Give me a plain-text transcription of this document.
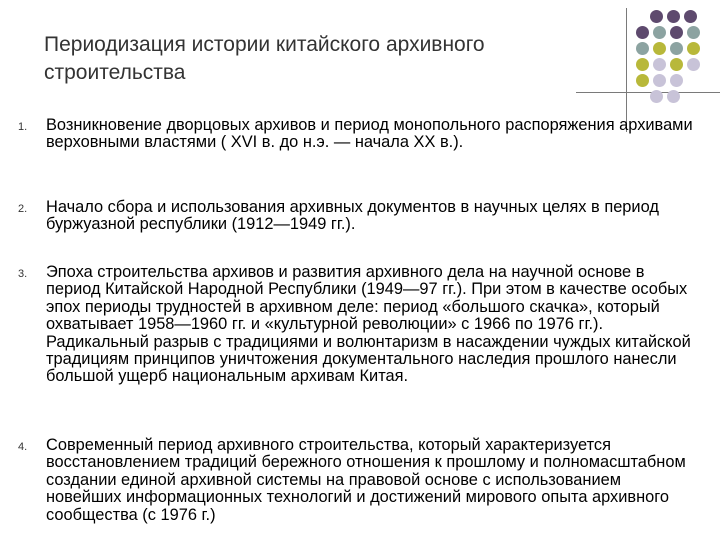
Периодизация истории китайского архивного строительства
1. Возникновение дворцовых архивов и период монопольного распоряжения архивами верховными властями ( XVI в. до н.э. — начала XX в.).

2. Начало сбора и использования архивных документов в научных целях в период буржуазной республики (1912—1949 гг.).

3. Эпоха строительства архивов и развития архивного дела на научной основе в период Китайской Народной Республики (1949—97 гг.). При этом в качестве особых эпох периоды трудностей в архивном деле: период «большого скачка», который охватывает 1958—1960 гг. и «культурной революции» с 1966 по 1976 гг.). Радикальный разрыв с традициями и волюнтаризм в насаждении чуждых китайской традициям принципов уничтожения документального наследия прошлого нанесли большой ущерб национальным архивам Китая.

4. Современный период архивного строительства, который характеризуется восстановлением традиций бережного отношения к прошлому и полномасштабном создании единой архивной системы на правовой основе с использованием новейших информационных технологий и достижений мирового опыта архивного сообщества (с 1976 г.)
